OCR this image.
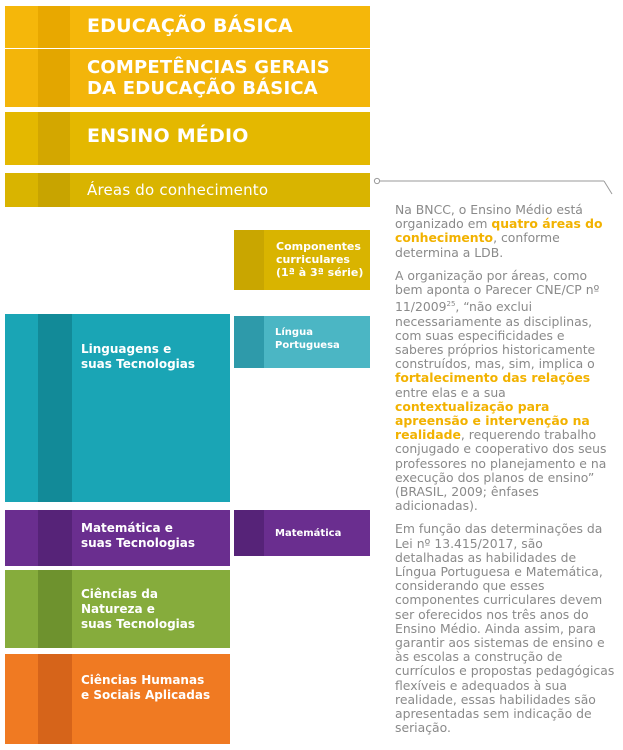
EDUCAÇÃO BÁSICA
COMPETÊNCIAS GERAIS
DA EDUCAÇÃO BÁSICA
ENSINO MÉDIO
Áreas do conhecimento
Componentes
curriculares
(1ª à 3ª série)
Linguagens e
suas Tecnologias
Língua
Portuguesa
Matemática e
suas Tecnologias
Matemática
Ciências da
Natureza e
suas Tecnologias
Ciências Humanas
e Sociais Aplicadas

Na BNCC, o Ensino Médio está organizado em quatro áreas do conhecimento, conforme determina a LDB.

A organização por áreas, como bem aponta o Parecer CNE/CP nº 11/2009$^{25}$, “não exclui necessariamente as disciplinas, com suas especificidades e saberes próprios historicamente construídos, mas, sim, implica o fortalecimento das relações entre elas e a sua contextualização para apreensão e intervenção na realidade, requerendo trabalho conjugado e cooperativo dos seus professores no planejamento e na execução dos planos de ensino” (BRASIL, 2009; ênfases adicionadas).

Em função das determinações da Lei nº 13.415/2017, são detalhadas as habilidades de Língua Portuguesa e Matemática, considerando que esses componentes curriculares devem ser oferecidos nos três anos do Ensino Médio. Ainda assim, para garantir aos sistemas de ensino e às escolas a construção de currículos e propostas pedagógicas flexíveis e adequados à sua realidade, essas habilidades são apresentadas sem indicação de seriação.
